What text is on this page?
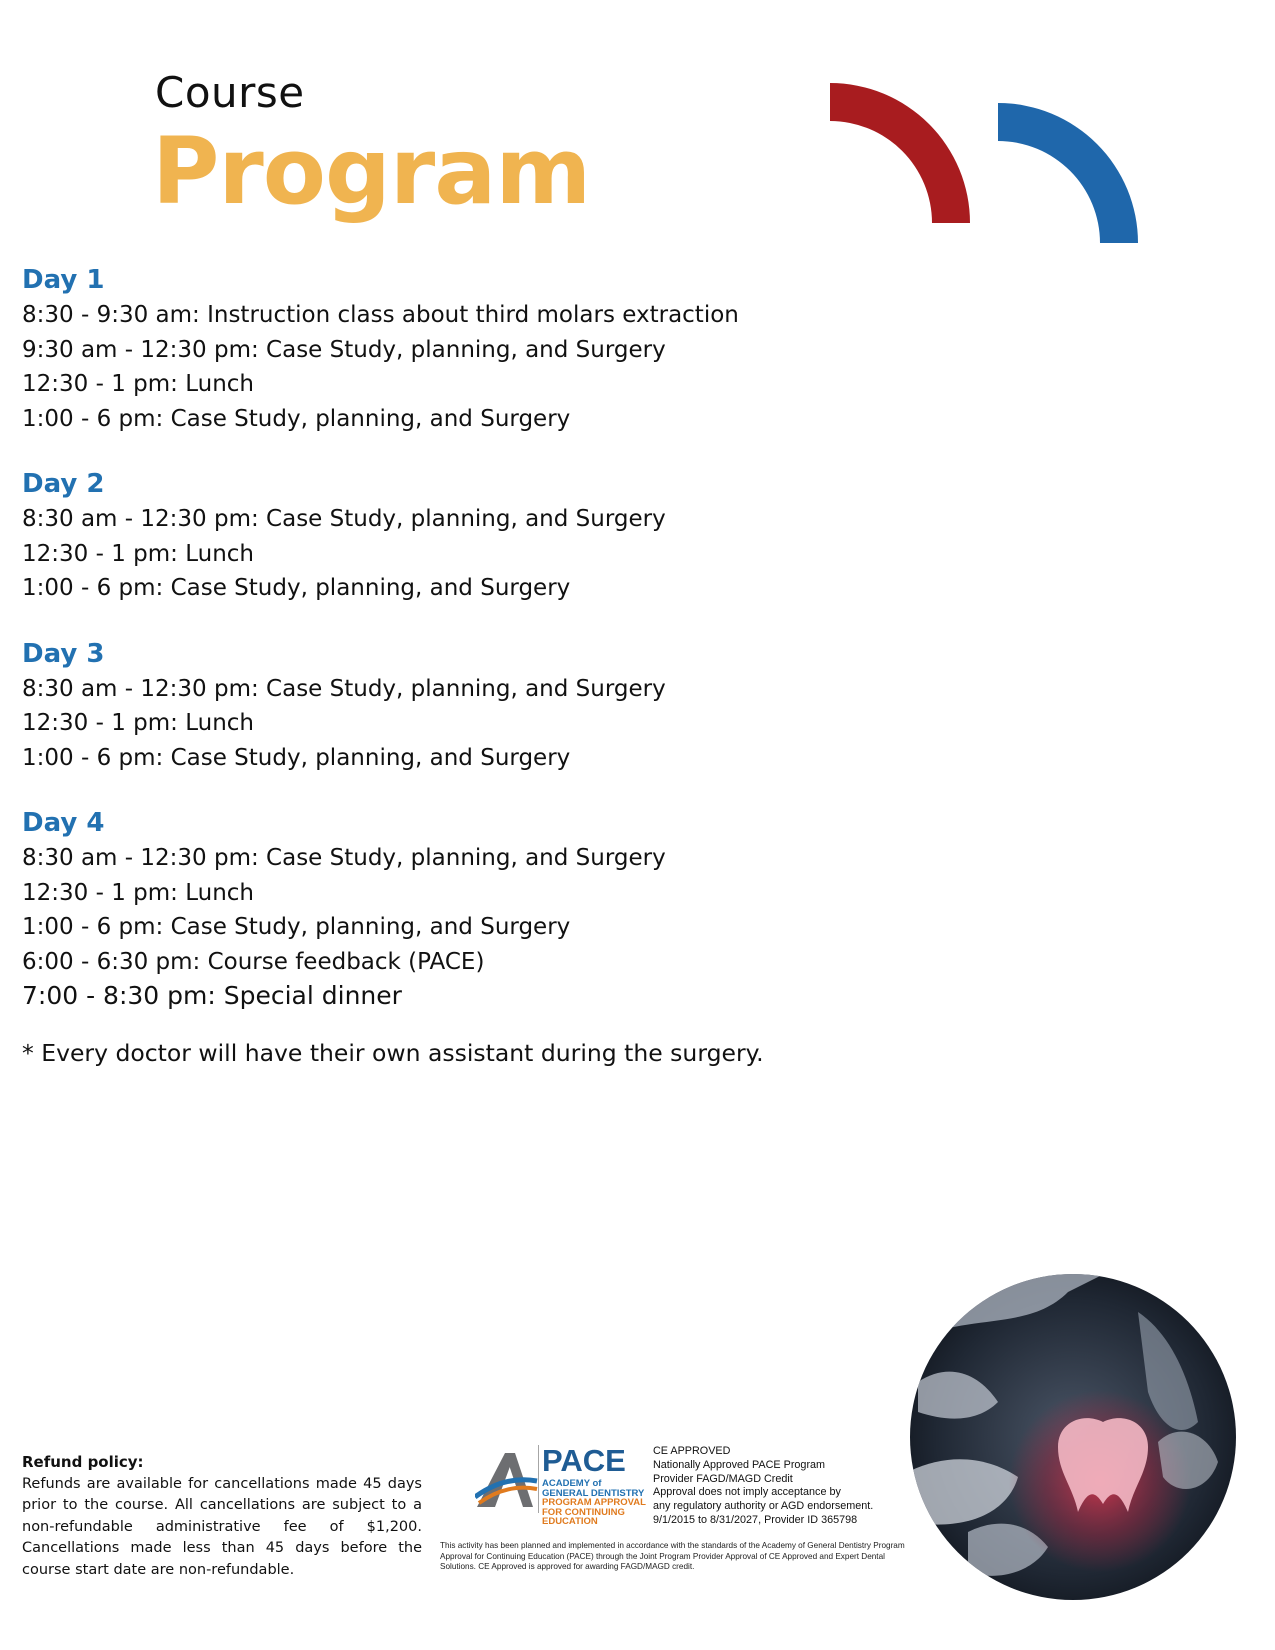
Course
Program
Day 1
8:30 - 9:30 am: Instruction class about third molars extraction
9:30 am - 12:30 pm: Case Study, planning, and Surgery
12:30 - 1 pm: Lunch
1:00 - 6 pm: Case Study, planning, and Surgery
Day 2
8:30 am - 12:30 pm: Case Study, planning, and Surgery
12:30 - 1 pm: Lunch
1:00 - 6 pm: Case Study, planning, and Surgery
Day 3
8:30 am - 12:30 pm: Case Study, planning, and Surgery
12:30 - 1 pm: Lunch
1:00 - 6 pm: Case Study, planning, and Surgery
Day 4
8:30 am - 12:30 pm: Case Study, planning, and Surgery
12:30 - 1 pm: Lunch
1:00 - 6 pm: Case Study, planning, and Surgery
6:00 - 6:30 pm: Course feedback (PACE)
7:00 - 8:30 pm: Special dinner
* Every doctor will have their own assistant during the surgery.
Refund policy:
Refunds are available for cancellations made 45 days prior to the course. All cancellations are subject to a non-refundable administrative fee of $1,200. Cancellations made less than 45 days before the course start date are non-refundable.
PACE
ACADEMY of
GENERAL DENTISTRY
PROGRAM APPROVAL
FOR CONTINUING
EDUCATION
CE APPROVED
Nationally Approved PACE Program
Provider FAGD/MAGD Credit
Approval does not imply acceptance by
any regulatory authority or AGD endorsement.
9/1/2015 to 8/31/2027, Provider ID 365798
This activity has been planned and implemented in accordance with the standards of the Academy of General Dentistry Program Approval for Continuing Education (PACE) through the Joint Program Provider Approval of CE Approved and Expert Dental Solutions. CE Approved is approved for awarding FAGD/MAGD credit.
